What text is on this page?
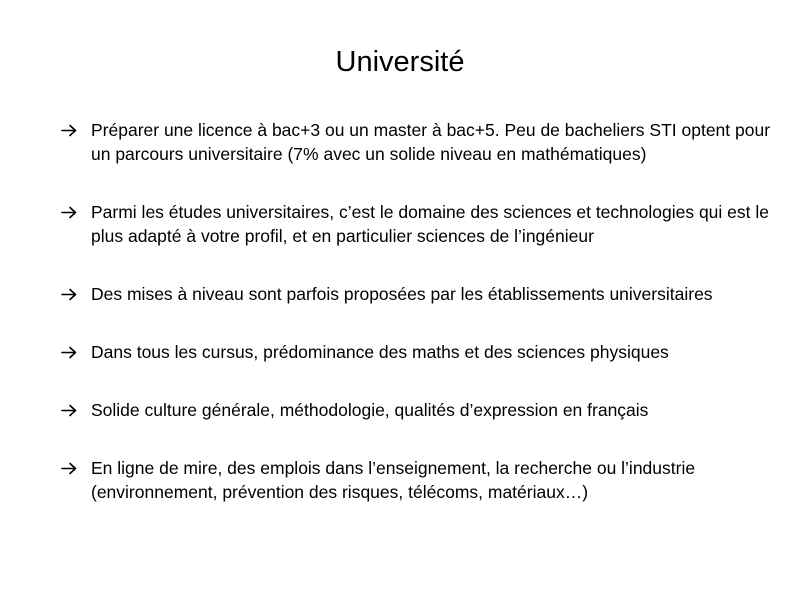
Université
Préparer une licence à bac+3 ou un master à bac+5. Peu de bacheliers STI optent pour un parcours universitaire (7% avec un solide niveau en mathématiques)
Parmi les études universitaires, c’est le domaine des sciences et technologies qui est le plus adapté à votre profil, et en particulier sciences de l’ingénieur
Des mises à niveau sont parfois proposées par les établissements universitaires
Dans tous les cursus, prédominance des maths et des sciences physiques
Solide culture générale, méthodologie, qualités d’expression en français
En ligne de mire, des emplois dans l’enseignement, la recherche ou l’industrie (environnement, prévention des risques, télécoms, matériaux…)
